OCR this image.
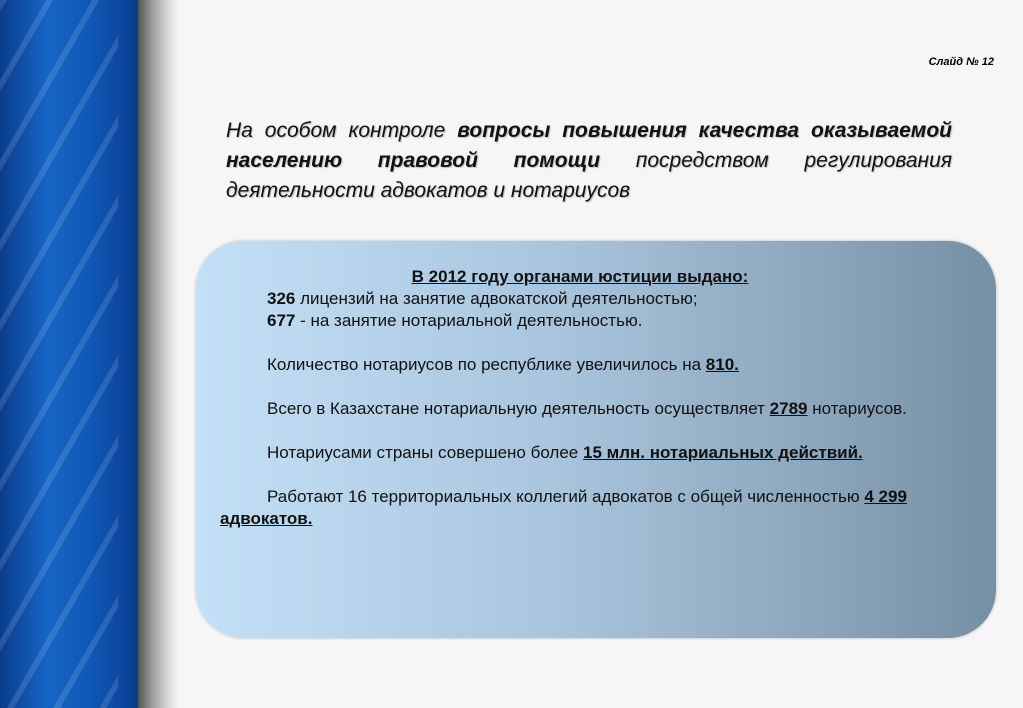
Слайд № 12
На особом контроле вопросы повышения качества оказываемой населению правовой помощи посредством регулирования деятельности адвокатов и нотариусов
В 2012 году органами юстиции выдано:
326 лицензий на занятие адвокатской деятельностью;
677 - на занятие нотариальной деятельностью.
Количество нотариусов по республике увеличилось на 810.
Всего в Казахстане нотариальную деятельность осуществляет 2789 нотариусов.
Нотариусами страны совершено более 15 млн. нотариальных действий.
Работают 16 территориальных коллегий адвокатов с общей численностью 4 299 адвокатов.
